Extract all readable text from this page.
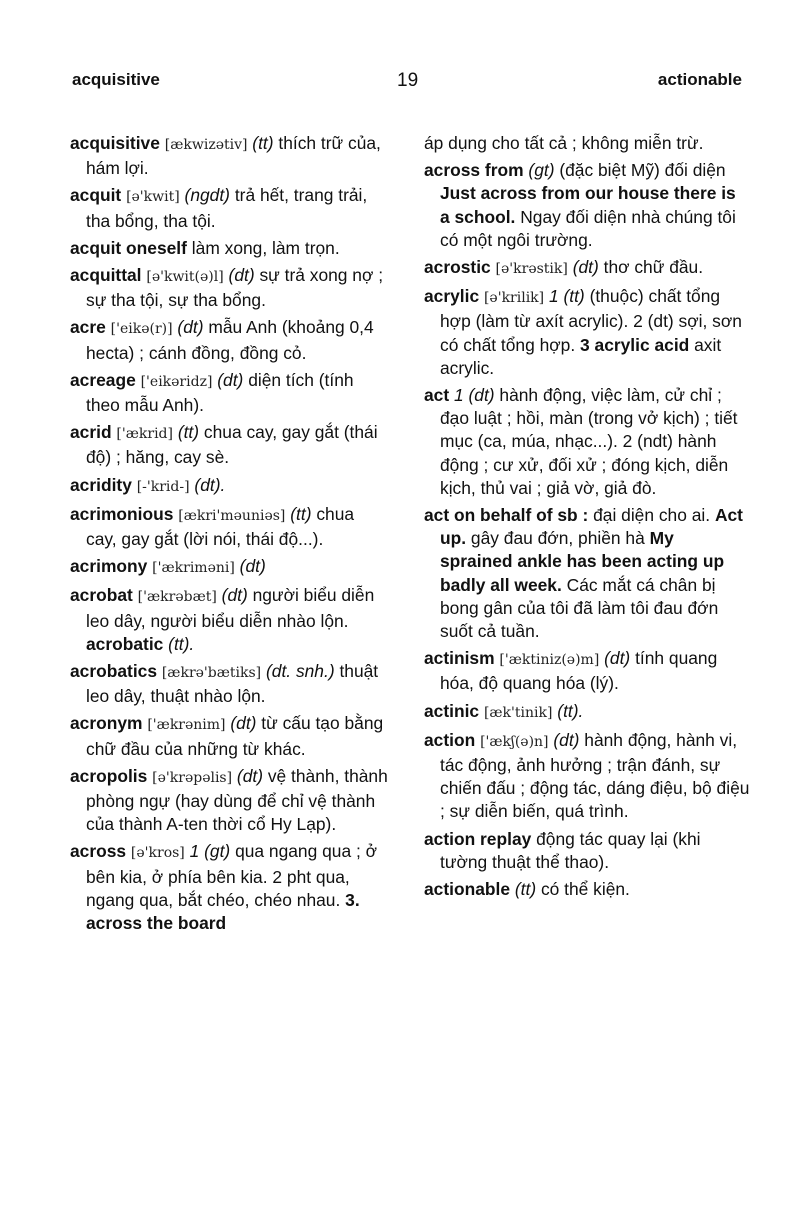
acquisitive	19	actionable

acquisitive [ækwizətiv] (tt) thích trữ của, hám lợi.

acquit [ə'kwit] (ngdt) trả hết, trang trải, tha bổng, tha tội.

acquit oneself làm xong, làm trọn.

acquittal [ə'kwit(ə)l] (dt) sự trả xong nợ ; sự tha tội, sự tha bổng.

acre ['eikə(r)] (dt) mẫu Anh (khoảng 0,4 hecta) ; cánh đồng, đồng cỏ.

acreage ['eikəridz] (dt) diện tích (tính theo mẫu Anh).

acrid ['ækrid] (tt) chua cay, gay gắt (thái độ) ; hăng, cay sè.

acridity [-'krid-] (dt).

acrimonious [ækri'məuniəs] (tt) chua cay, gay gắt (lời nói, thái độ...).

acrimony ['ækriməni] (dt)

acrobat ['ækrəbæt] (dt) người biểu diễn leo dây, người biểu diễn nhào lộn. acrobatic (tt).

acrobatics [ækrə'bætiks] (dt. snh.) thuật leo dây, thuật nhào lộn.

acronym ['ækrənim] (dt) từ cấu tạo bằng chữ đầu của những từ khác.

acropolis [ə'krəpəlis] (dt) vệ thành, thành phòng ngự (hay dùng để chỉ vệ thành của thành A-ten thời cổ Hy Lạp).

across [ə'kros] 1 (gt) qua ngang qua ; ở bên kia, ở phía bên kia. 2 pht qua, ngang qua, bắt chéo, chéo nhau. 3. across the board

áp dụng cho tất cả ; không miễn trừ.

across from (gt) (đặc biệt Mỹ) đối diện Just across from our house there is a school. Ngay đối diện nhà chúng tôi có một ngôi trường.

acrostic [ə'krəstik] (dt) thơ chữ đầu.

acrylic [ə'krilik] 1 (tt) (thuộc) chất tổng hợp (làm từ axít acrylic). 2 (dt) sợi, sơn có chất tổng hợp. 3 acrylic acid axit acrylic.

act 1 (dt) hành động, việc làm, cử chỉ ; đạo luật ; hồi, màn (trong vở kịch) ; tiết mục (ca, múa, nhạc...). 2 (ndt) hành động ; cư xử, đối xử ; đóng kịch, diễn kịch, thủ vai ; giả vờ, giả đò.

act on behalf of sb : đại diện cho ai. Act up. gây đau đớn, phiền hà My sprained ankle has been acting up badly all week. Các mắt cá chân bị bong gân của tôi đã làm tôi đau đớn suốt cả tuần.

actinism ['æktiniz(ə)m] (dt) tính quang hóa, độ quang hóa (lý).

actinic [æk'tinik] (tt).

action ['ækʃ(ə)n] (dt) hành động, hành vi, tác động, ảnh hưởng ; trận đánh, sự chiến đấu ; động tác, dáng điệu, bộ điệu ; sự diễn biến, quá trình.

action replay động tác quay lại (khi tường thuật thể thao).

actionable (tt) có thể kiện.
